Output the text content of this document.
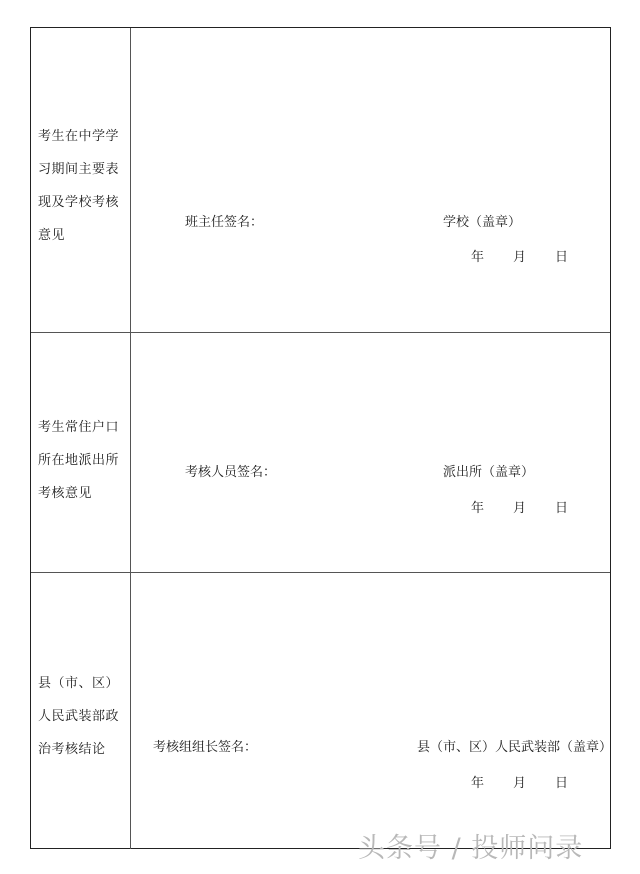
考生在中学学
习期间主要表
现及学校考核
意见
班主任签名：	学校（盖章）
年 月 日
考生常住户口
所在地派出所
考核意见
考核人员签名：	派出所（盖章）
年 月 日
县（市、区）
人民武装部政
治考核结论	考核组组长签名：	县（市、区）人民武装部（盖章）
年 月 日
头条号 / 投师问录
